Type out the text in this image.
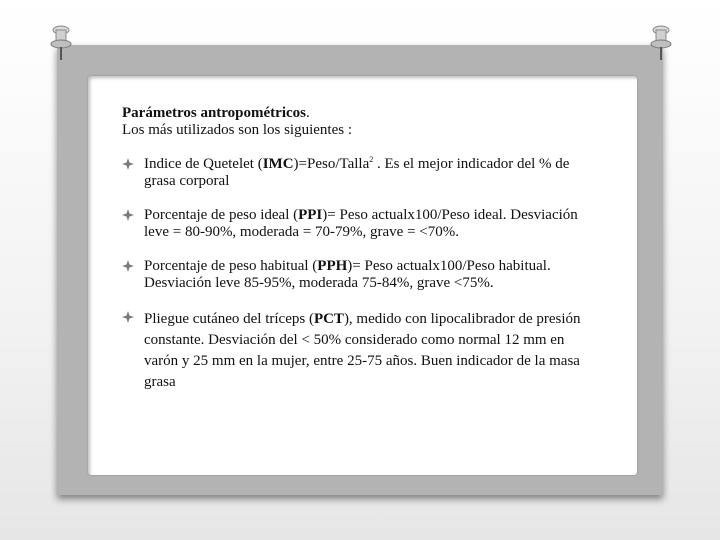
Parámetros antropométricos.

Los más utilizados son los siguientes :

Indice de Quetelet (IMC)=Peso/Talla$^2$ . Es el mejor indicador del % de grasa corporal

Porcentaje de peso ideal (PPI)= Peso actualx100/Peso ideal. Desviación leve = 80-90%, moderada = 70-79%, grave = <70%.

Porcentaje de peso habitual (PPH)= Peso actualx100/Peso habitual. Desviación leve 85-95%, moderada 75-84%, grave <75%.

Pliegue cutáneo del tríceps (PCT), medido con lipocalibrador de presión constante. Desviación del < 50% considerado como normal 12 mm en varón y 25 mm en la mujer, entre 25-75 años. Buen indicador de la masa grasa
